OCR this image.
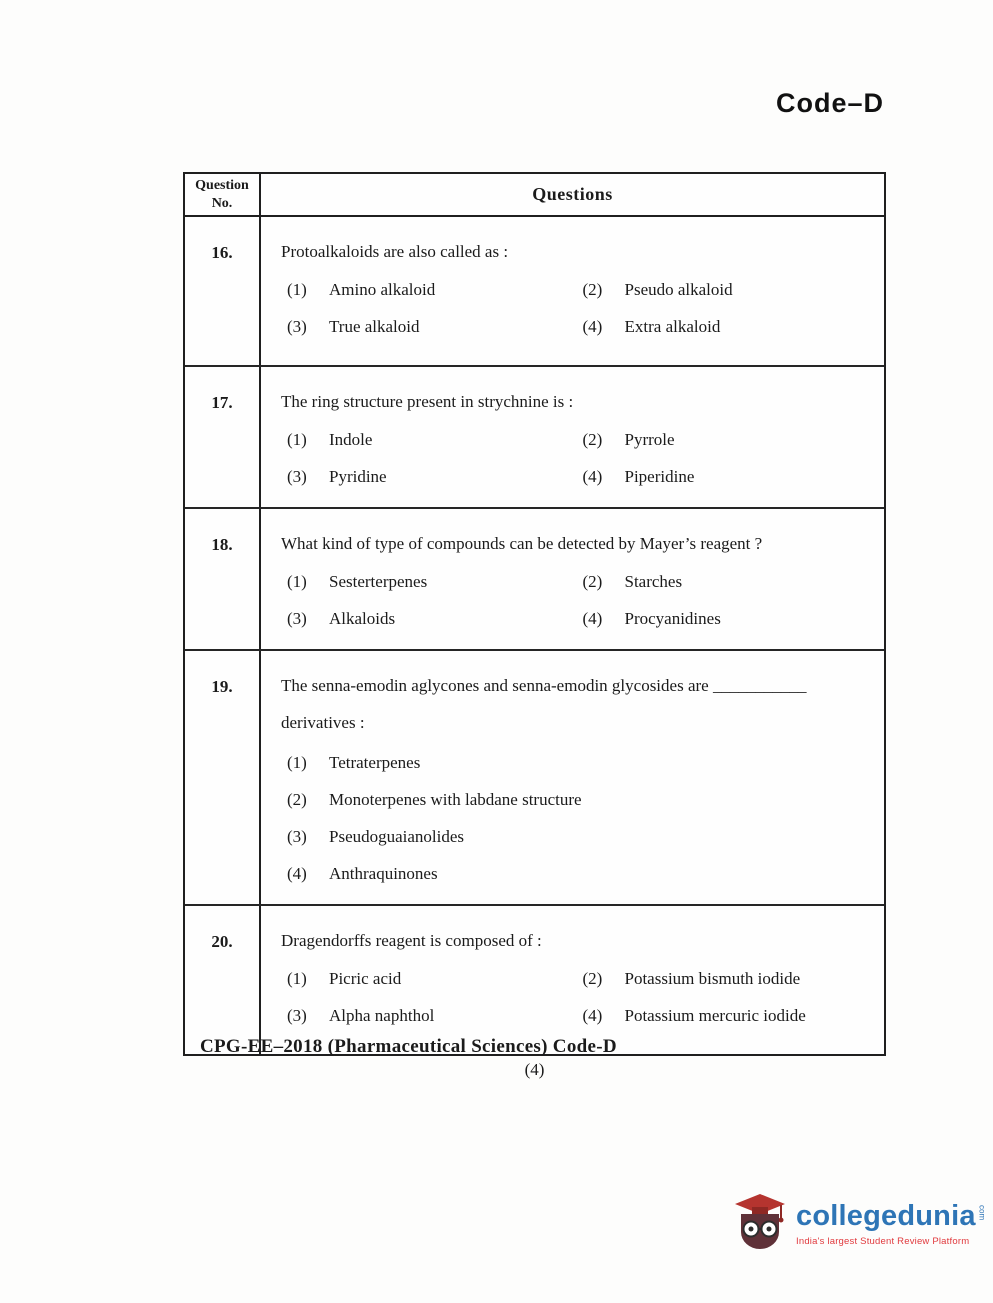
Code–D
Question
No.	Questions
16.	Protoalkaloids are also called as :
(1)	Amino alkaloid	(2)	Pseudo alkaloid
(3)	True alkaloid	(4)	Extra alkaloid
17.	The ring structure present in strychnine is :
(1)	Indole	(2)	Pyrrole
(3)	Pyridine	(4)	Piperidine
18.	What kind of type of compounds can be detected by Mayer’s reagent ?
(1)	Sesterterpenes	(2)	Starches
(3)	Alkaloids	(4)	Procyanidines
19.	The senna-emodin aglycones and senna-emodin glycosides are ___________
derivatives :
(1)	Tetraterpenes
(2)	Monoterpenes with labdane structure
(3)	Pseudoguaianolides
(4)	Anthraquinones
20.	Dragendorffs reagent is composed of :
(1)	Picric acid	(2)	Potassium bismuth iodide
(3)	Alpha naphthol	(4)	Potassium mercuric iodide
CPG-EE–2018 (Pharmaceutical Sciences) Code-D
(4)
collegedunia com
India's largest Student Review Platform
